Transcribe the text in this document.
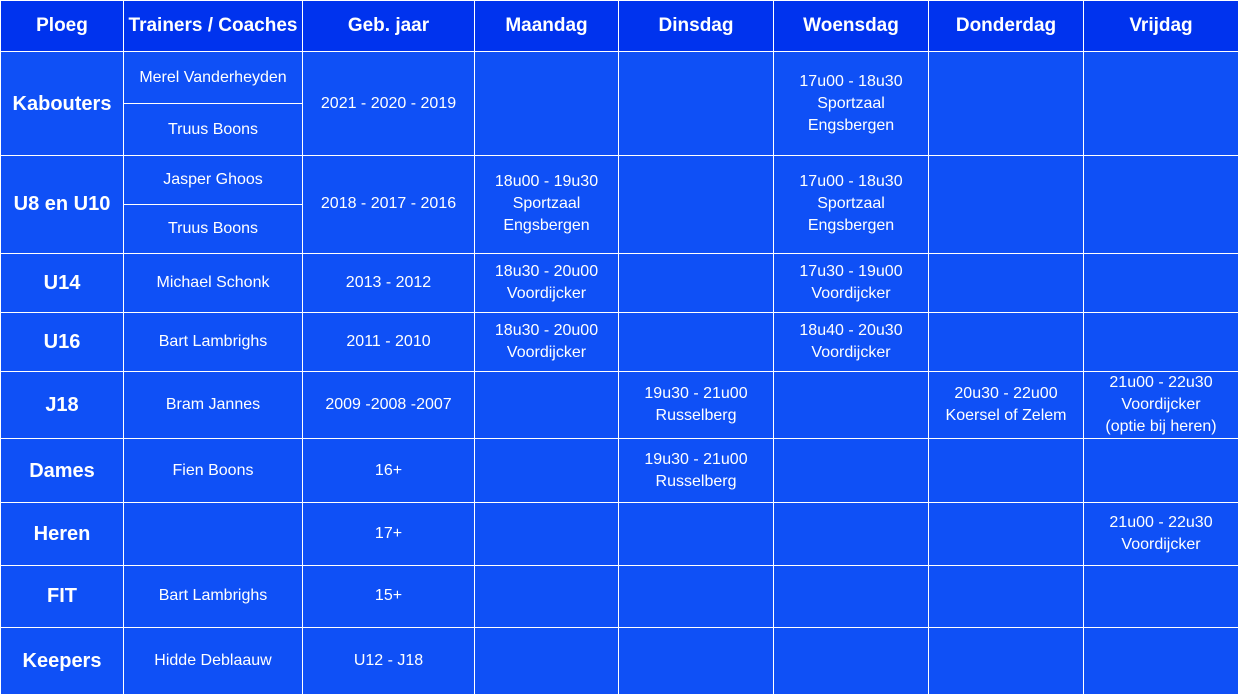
Ploeg	Trainers / Coaches	Geb. jaar	Maandag	Dinsdag	Woensdag	Donderdag	Vrijdag
Kabouters	Merel Vanderheyden	2021 - 2020 - 2019			17u00 - 18u30
Sportzaal
Engsbergen		

	Truus Boons						
U8 en U10	Jasper Ghoos	2018 - 2017 - 2016	18u00 - 19u30
Sportzaal
Engsbergen		17u00 - 18u30
Sportzaal
Engsbergen		

	Truus Boons						
U14	Michael Schonk	2013 - 2012	18u30 - 20u00
Voordijcker		17u30 - 19u00
Voordijcker		

U16	Bart Lambrighs	2011 - 2010	18u30 - 20u00
Voordijcker		18u40 - 20u30
Voordijcker		

J18	Bram Jannes	2009 -2008 -2007		19u30 - 21u00
Russelberg		20u30 - 22u00
Koersel of Zelem	21u00 - 22u30
Voordijcker
(optie bij heren)

Dames	Fien Boons	16+		19u30 - 21u00
Russelberg			

Heren		17+					21u00 - 22u30
Voordijcker

FIT	Bart Lambrighs	15+	

Keepers	Hidde Deblaauw	U12 - J18	
